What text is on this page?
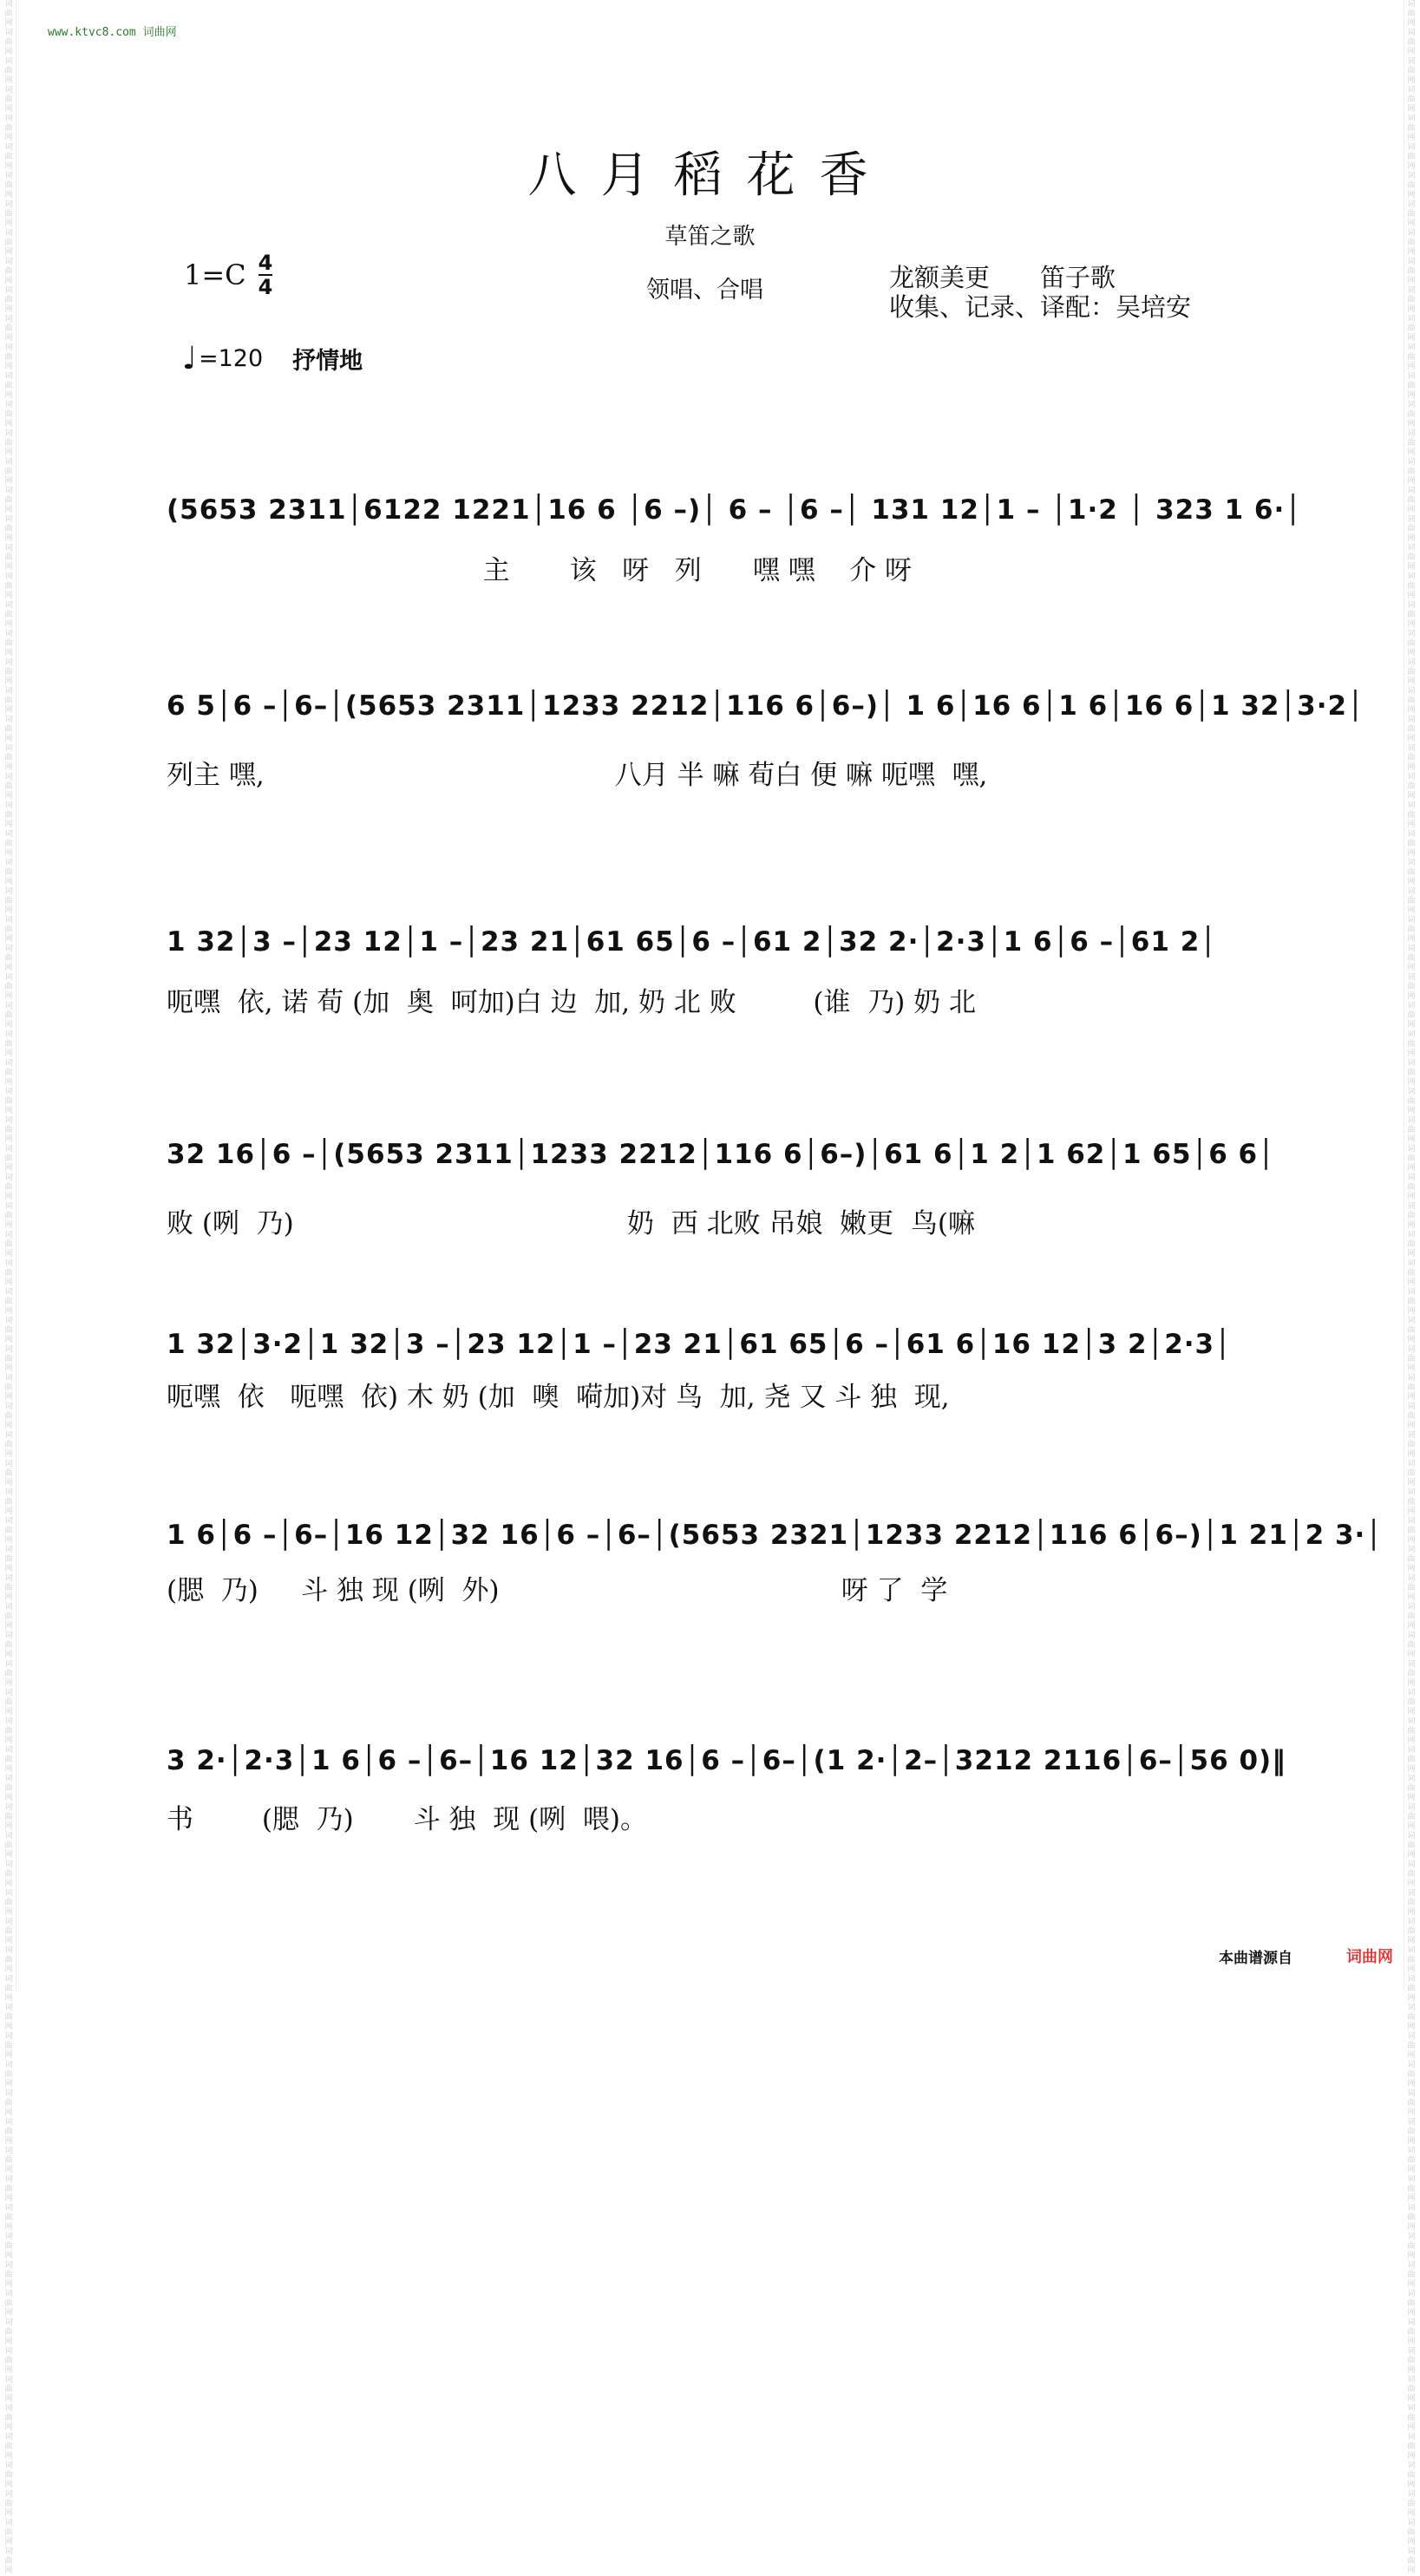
词曲网词曲网词曲网词曲网词曲网词曲网词曲网词曲网词曲网词曲网词曲网词曲网词曲网词曲网词曲网词曲网词曲网词曲网词曲网词曲网词曲网词曲网词曲网词曲网词曲网词曲网词曲网词曲网词曲网词曲网词曲网词曲网词曲网词曲网词曲网词曲网词曲网词曲网词曲网词曲网词曲网词曲网词曲网词曲网词曲网词曲网词曲网词曲网词曲网词曲网词曲网词曲网词曲网词曲网词曲网词曲网词曲网词曲网词曲网词曲网词曲网词曲网词曲网词曲网词曲网词曲网词曲网词曲网词曲网词曲网词曲网词曲网词曲网词曲网词曲网词曲网词曲网词曲网词曲网词曲网词曲网词曲网词曲网词曲网词曲网词曲网词曲网词曲网词曲网词曲网
词曲网词曲网词曲网词曲网词曲网词曲网词曲网词曲网词曲网词曲网词曲网词曲网词曲网词曲网词曲网词曲网词曲网词曲网词曲网词曲网词曲网词曲网词曲网词曲网词曲网词曲网词曲网词曲网词曲网词曲网词曲网词曲网词曲网词曲网词曲网词曲网词曲网词曲网词曲网词曲网词曲网词曲网词曲网词曲网词曲网词曲网词曲网词曲网词曲网词曲网词曲网词曲网词曲网词曲网词曲网词曲网词曲网词曲网词曲网词曲网词曲网词曲网词曲网词曲网词曲网词曲网词曲网词曲网词曲网词曲网词曲网词曲网词曲网词曲网词曲网词曲网词曲网词曲网词曲网词曲网词曲网词曲网词曲网词曲网词曲网词曲网词曲网词曲网词曲网词曲网
www.ktvc8.com 词曲网
八月稻花香
草笛之歌
$1=C \frac{4}{4}$	领唱、合唱	龙额美更　　笛子歌
收集、记录、译配：吴培安
♩ =120 抒情地
(5653 2311│6122 1221│16 6 │6 –)│ 6 – │6 –│ 131 12│1 – │1·2 │ 323 1 6·│
主       该   呀   列      嘿 嘿    介 呀
6 5│6 –│6–│(5653 2311│1233 2212│116 6│6–)│ 1 6│16 6│1 6│16 6│1 32│3·2│
列主 嘿,                                         八月 半 嘛 荀白 便 嘛 呃嘿  嘿,
1 32│3 –│23 12│1 –│23 21│61 65│6 –│61 2│32 2·│2·3│1 6│6 –│61 2│
呃嘿  依, 诺 荀 (加  奥  呵加)白 边  加, 奶 北 败         (谁  乃) 奶 北
32 16│6 –│(5653 2311│1233 2212│116 6│6–)│61 6│1 2│1 62│1 65│6 6│
败 (咧  乃)                                       奶  西 北败 吊娘  嫩更  鸟(嘛
1 32│3·2│1 32│3 –│23 12│1 –│23 21│61 65│6 –│61 6│16 12│3 2│2·3│
呃嘿  依   呃嘿  依) 木 奶 (加  噢  嗬加)对 鸟  加, 尧 又 斗 独  现,
1 6│6 –│6–│16 12│32 16│6 –│6–│(5653 2321│1233 2212│116 6│6–)│1 21│2 3·│
(腮  乃)     斗 独 现 (咧  外)                                        呀 了  学
3 2·│2·3│1 6│6 –│6–│16 12│32 16│6 –│6–│(1 2·│2–│3212 2116│6–│56 0)‖
书        (腮  乃)       斗 独  现 (咧  喂)。
本曲谱源自	词曲网
